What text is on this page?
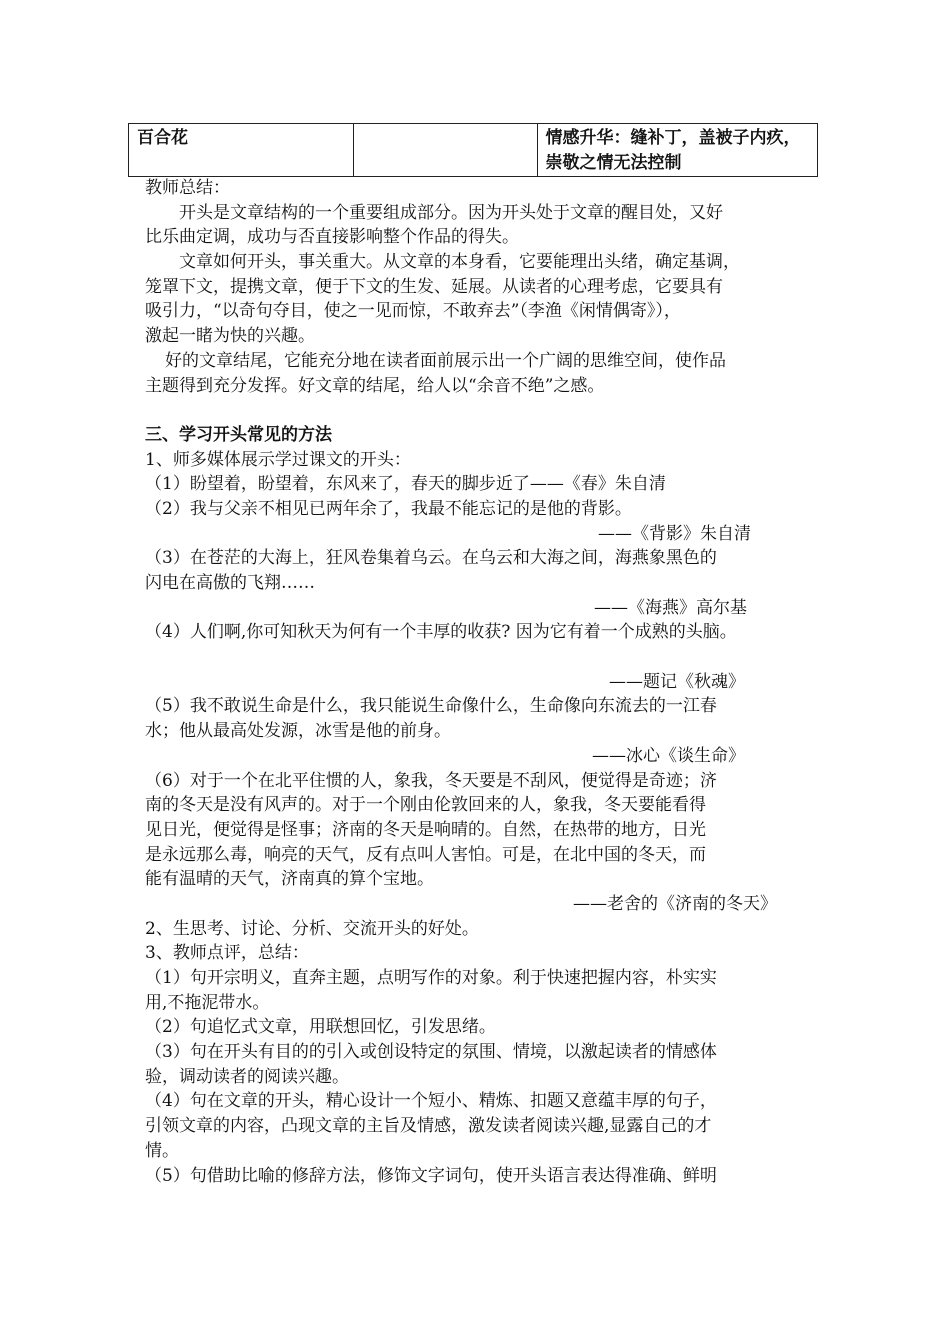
百合花		情感升华：缝补丁，盖被子内疚，崇敬之情无法控制
教师总结：
开头是文章结构的一个重要组成部分。因为开头处于文章的醒目处，又好
比乐曲定调，成功与否直接影响整个作品的得失。
文章如何开头，事关重大。从文章的本身看，它要能理出头绪，确定基调，
笼罩下文，提携文章，便于下文的生发、延展。从读者的心理考虑，它要具有
吸引力，“以奇句夺目，使之一见而惊，不敢弃去”（李渔《闲情偶寄》），
激起一睹为快的兴趣。
好的文章结尾，它能充分地在读者面前展示出一个广阔的思维空间，使作品
主题得到充分发挥。好文章的结尾，给人以“余音不绝”之感。
三、学习开头常见的方法
1、师多媒体展示学过课文的开头：
（1）盼望着，盼望着，东风来了，春天的脚步近了——《春》朱自清
（2）我与父亲不相见已两年余了，我最不能忘记的是他的背影。
——《背影》朱自清
（3）在苍茫的大海上，狂风卷集着乌云。在乌云和大海之间，海燕象黑色的
闪电在高傲的飞翔……
——《海燕》高尔基
（4）人们啊,你可知秋天为何有一个丰厚的收获? 因为它有着一个成熟的头脑。
——题记《秋魂》
（5）我不敢说生命是什么，我只能说生命像什么，生命像向东流去的一江春
水；他从最高处发源，冰雪是他的前身。
——冰心《谈生命》
（6）对于一个在北平住惯的人，象我，冬天要是不刮风，便觉得是奇迹；济
南的冬天是没有风声的。对于一个刚由伦敦回来的人，象我，冬天要能看得
见日光，便觉得是怪事；济南的冬天是响晴的。自然，在热带的地方，日光
是永远那么毒，响亮的天气，反有点叫人害怕。可是，在北中国的冬天，而
能有温晴的天气，济南真的算个宝地。
——老舍的《济南的冬天》
2、生思考、讨论、分析、交流开头的好处。
3、教师点评，总结：
（1）句开宗明义，直奔主题，点明写作的对象。利于快速把握内容，朴实实
用,不拖泥带水。
（2）句追忆式文章，用联想回忆，引发思绪。
（3）句在开头有目的的引入或创设特定的氛围、情境，以激起读者的情感体
验，调动读者的阅读兴趣。
（4）句在文章的开头，精心设计一个短小、精炼、扣题又意蕴丰厚的句子，
引领文章的内容，凸现文章的主旨及情感，激发读者阅读兴趣,显露自己的才
情。
（5）句借助比喻的修辞方法，修饰文字词句，使开头语言表达得准确、鲜明
